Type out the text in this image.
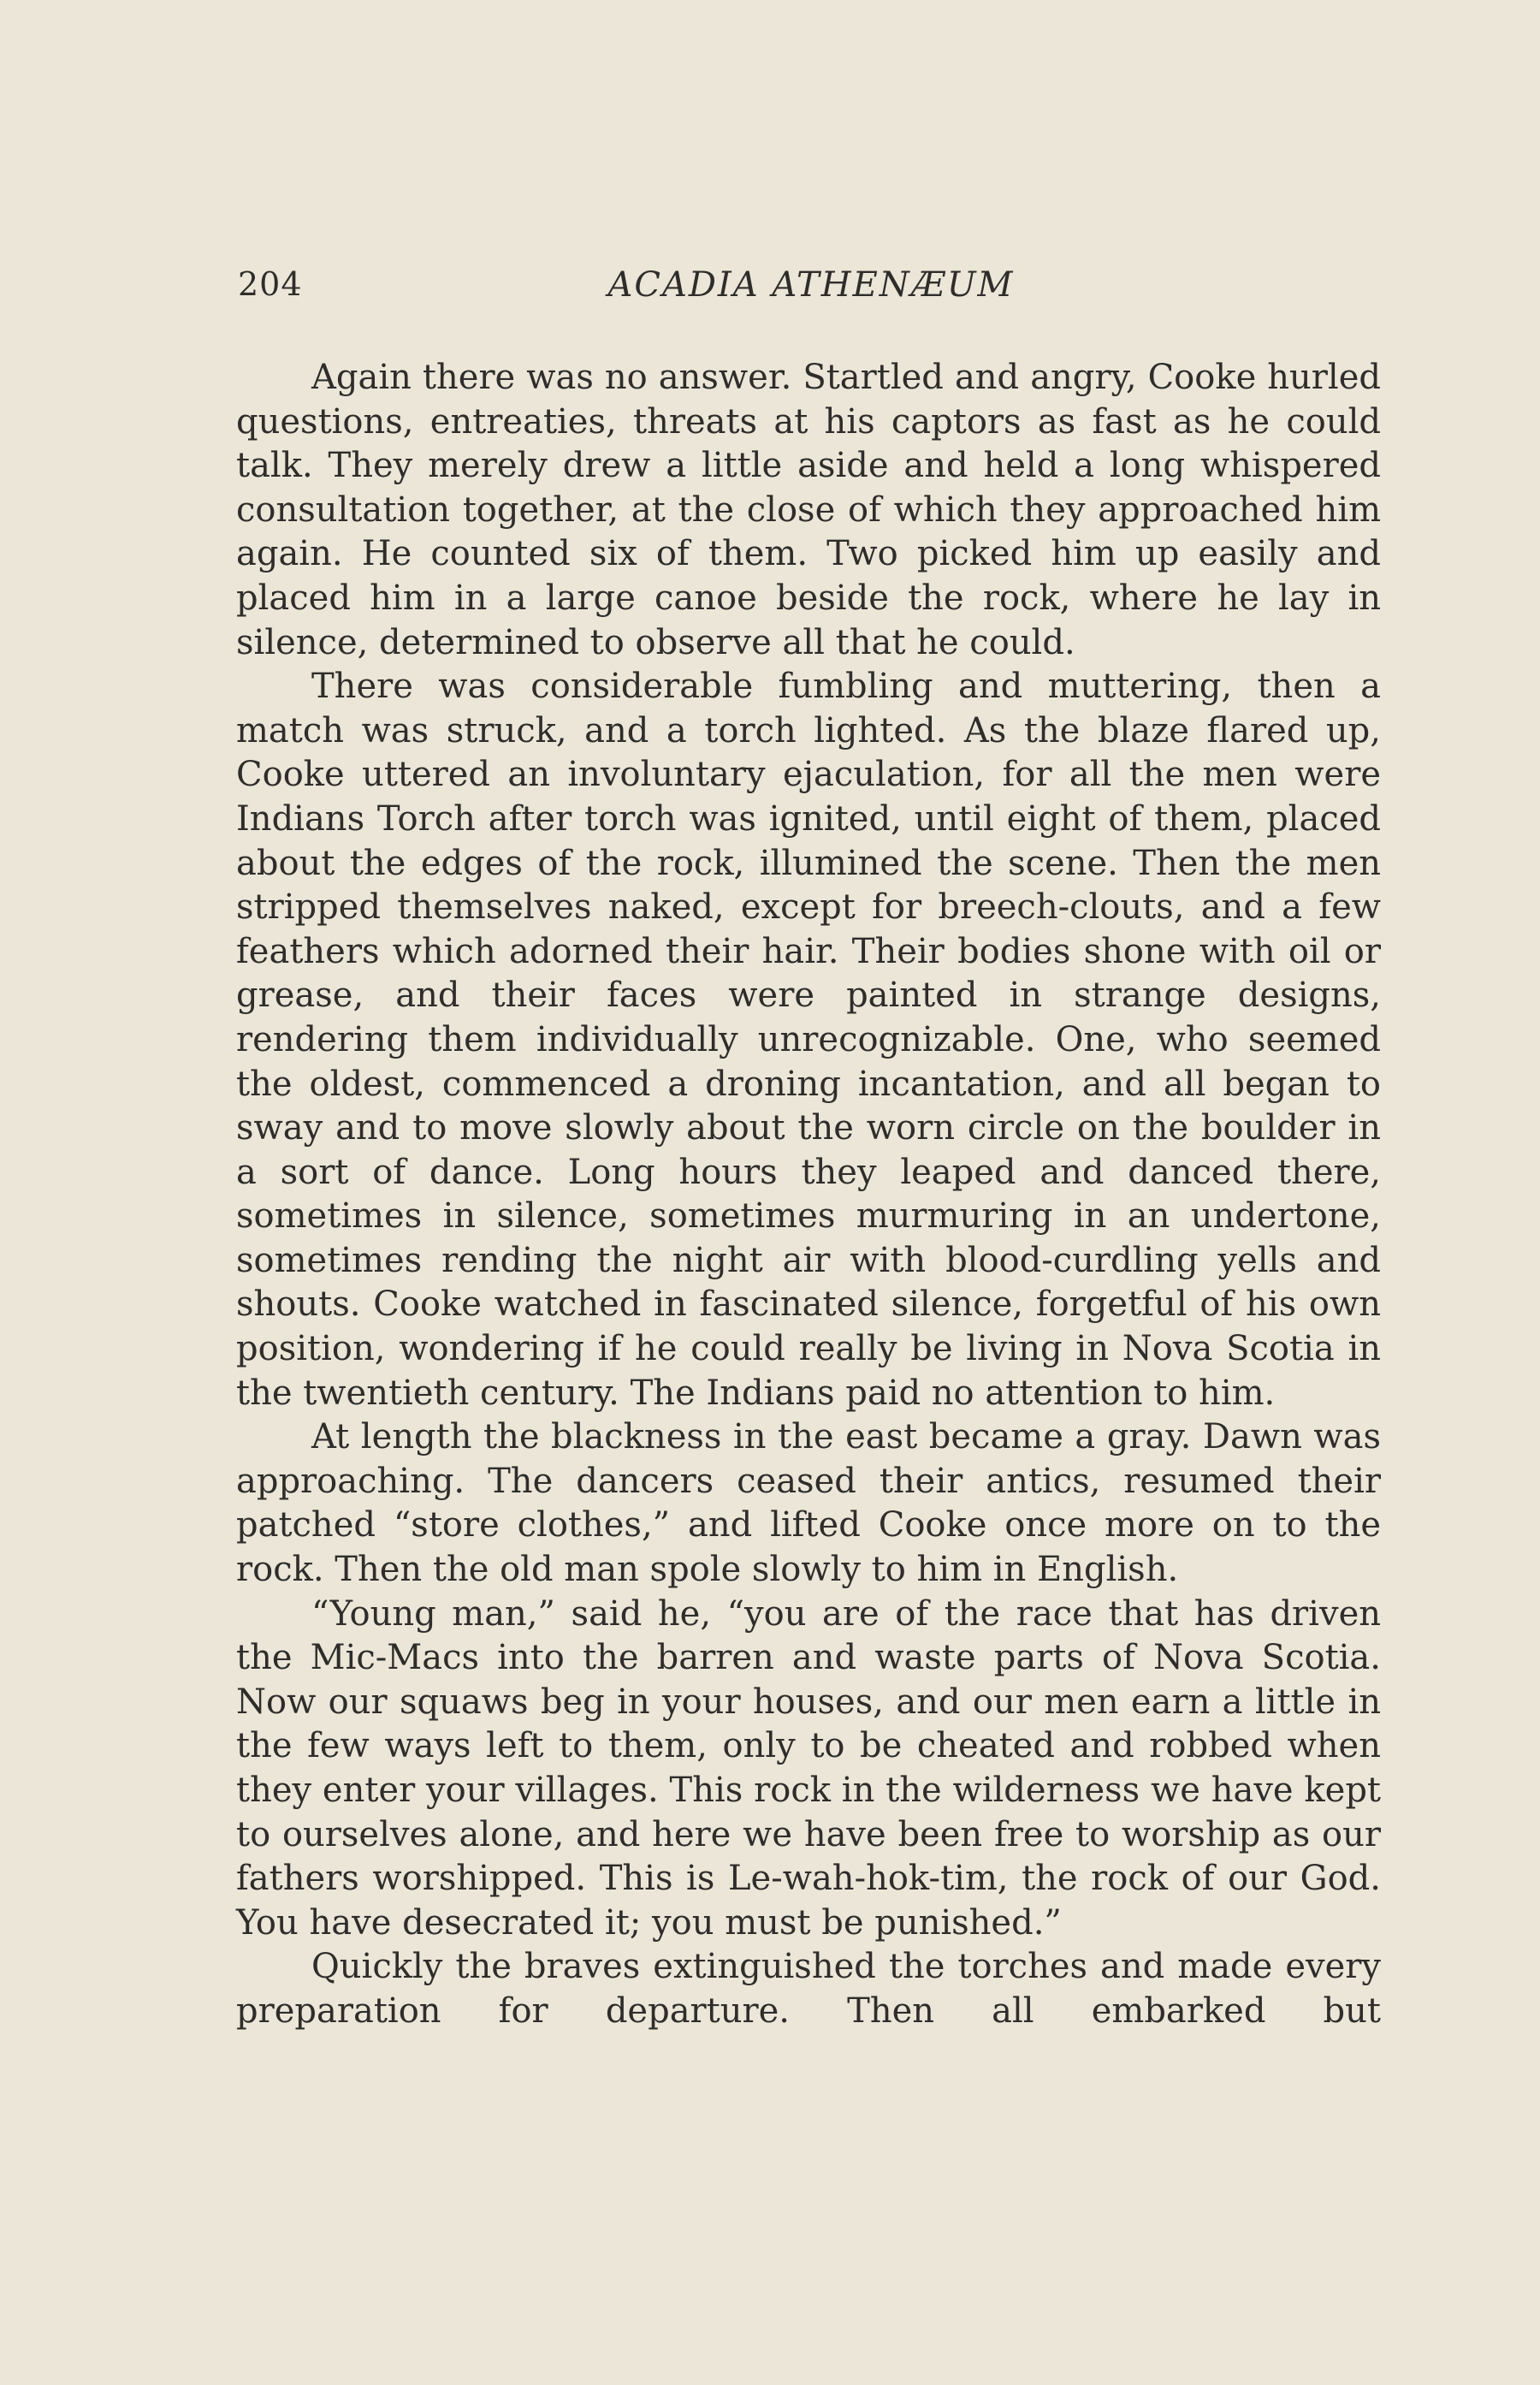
204	ACADIA ATHENÆUM

Again there was no answer. Startled and angry, Cooke hurled questions, entreaties, threats at his captors as fast as he could talk. They merely drew a little aside and held a long whispered consultation together, at the close of which they approached him again. He counted six of them. Two picked him up easily and placed him in a large canoe beside the rock, where he lay in silence, determined to observe all that he could.

There was considerable fumbling and muttering, then a match was struck, and a torch lighted. As the blaze flared up, Cooke uttered an involuntary ejaculation, for all the men were Indians Torch after torch was ignited, until eight of them, placed about the edges of the rock, illumined the scene. Then the men stripped themselves naked, except for breech-clouts, and a few feathers which adorned their hair. Their bodies shone with oil or grease, and their faces were painted in strange designs, rendering them individually unrecognizable. One, who seemed the oldest, commenced a droning incantation, and all began to sway and to move slowly about the worn circle on the boulder in a sort of dance. Long hours they leaped and danced there, sometimes in silence, sometimes murmuring in an undertone, sometimes rending the night air with blood-curdling yells and shouts. Cooke watched in fascinated silence, forgetful of his own position, wondering if he could really be living in Nova Scotia in the twentieth century. The Indians paid no attention to him.

At length the blackness in the east became a gray. Dawn was approaching. The dancers ceased their antics, resumed their patched “store clothes,” and lifted Cooke once more on to the rock. Then the old man spole slowly to him in English.

“Young man,” said he, “you are of the race that has driven the Mic-Macs into the barren and waste parts of Nova Scotia. Now our squaws beg in your houses, and our men earn a little in the few ways left to them, only to be cheated and robbed when they enter your villages. This rock in the wilderness we have kept to ourselves alone, and here we have been free to worship as our fathers worshipped. This is Le-wah-hok-tim, the rock of our God. You have desecrated it; you must be punished.”

Quickly the braves extinguished the torches and made every preparation for departure. Then all embarked but
